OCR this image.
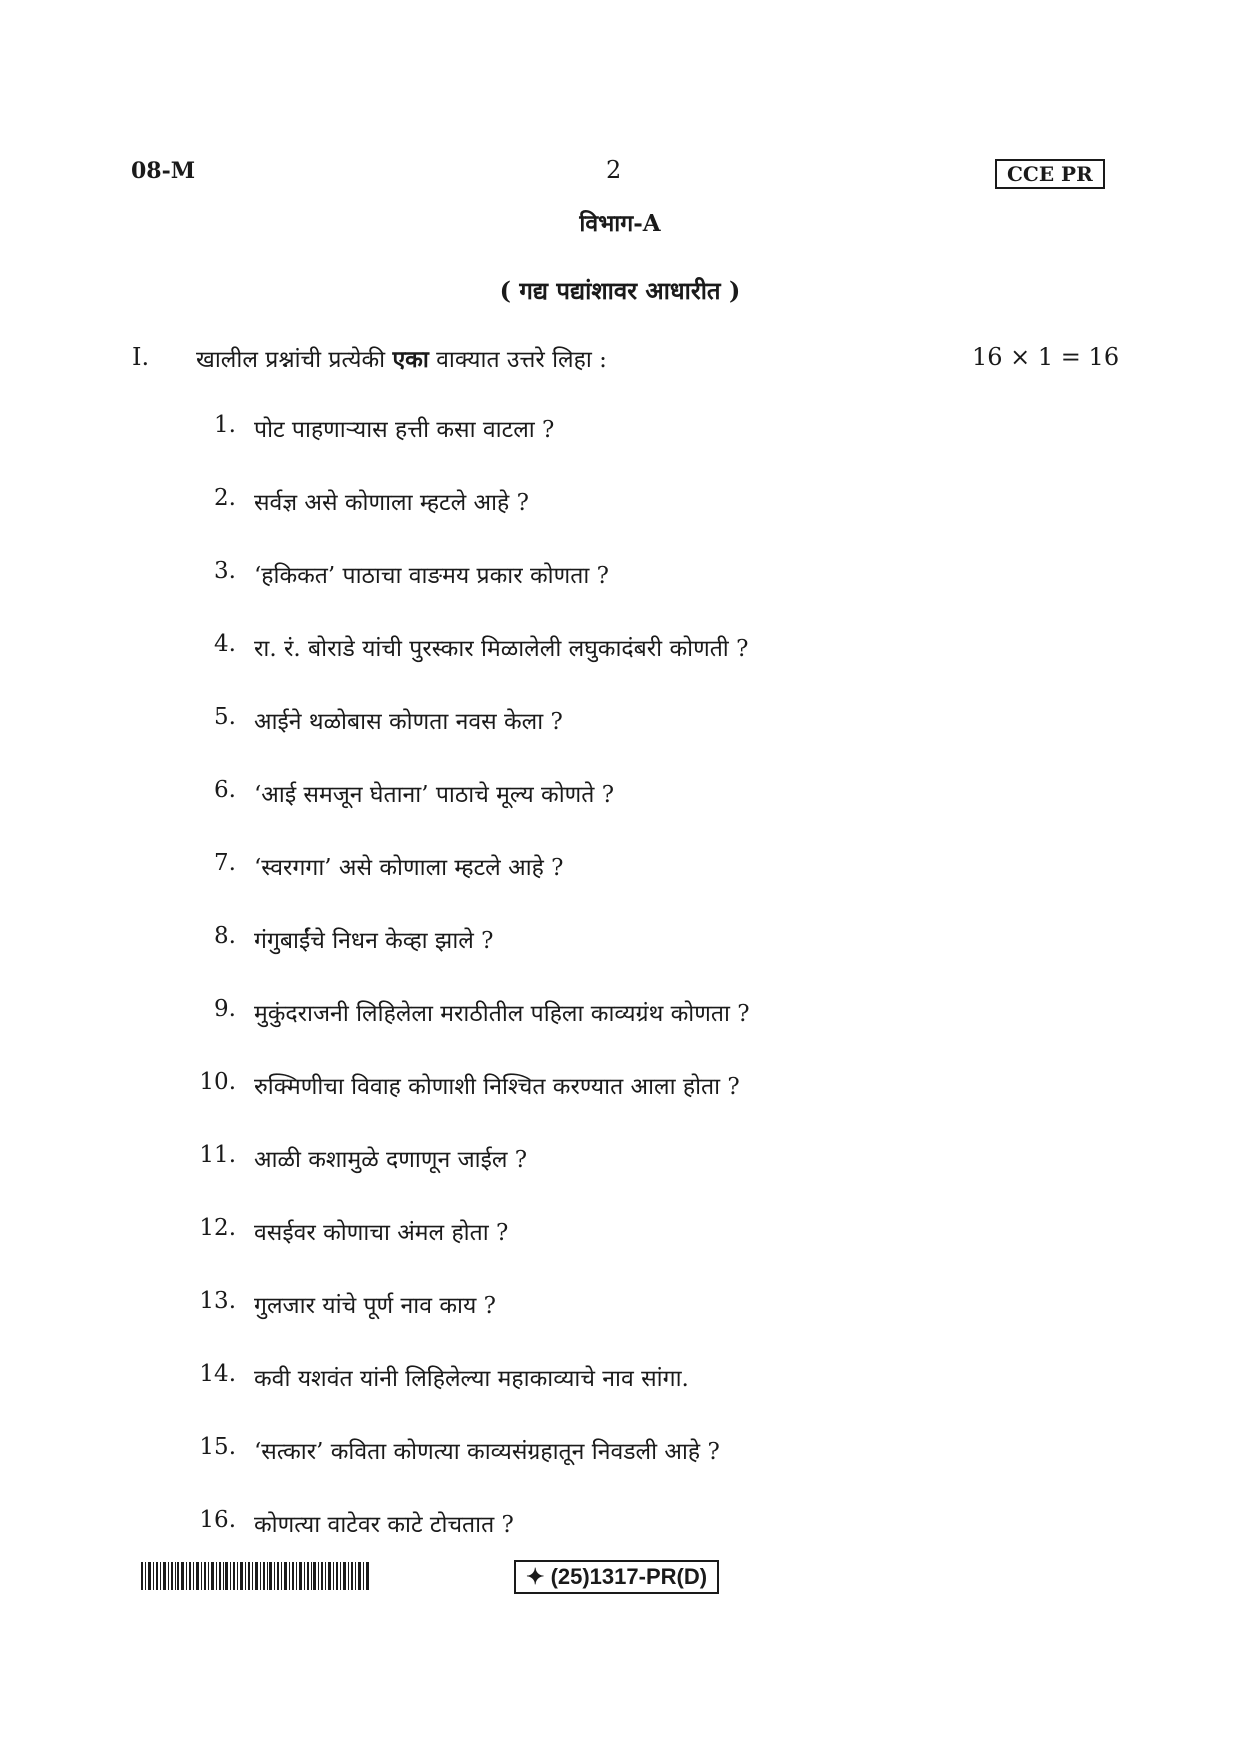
08-M	2	CCE PR
विभाग-A
( गद्य पद्यांशावर आधारीत )
I. खालील प्रश्नांची प्रत्येकी एका वाक्यात उत्तरे लिहा :	16 × 1 = 16
1. पोट पाहणाऱ्यास हत्ती कसा वाटला ?
2. सर्वज्ञ असे कोणाला म्हटले आहे ?
3. ‘हकिकत’ पाठाचा वाङमय प्रकार कोणता ?
4. रा. रं. बोराडे यांची पुरस्कार मिळालेली लघुकादंबरी कोणती ?
5. आईने थळोबास कोणता नवस केला ?
6. ‘आई समजून घेताना’ पाठाचे मूल्य कोणते ?
7. ‘स्वरगगा’ असे कोणाला म्हटले आहे ?
8. गंगुबाईंचे निधन केव्हा झाले ?
9. मुकुंदराजनी लिहिलेला मराठीतील पहिला काव्यग्रंथ कोणता ?
10. रुक्मिणीचा विवाह कोणाशी निश्चित करण्यात आला होता ?
11. आळी कशामुळे दणाणून जाईल ?
12. वसईवर कोणाचा अंमल होता ?
13. गुलजार यांचे पूर्ण नाव काय ?
14. कवी यशवंत यांनी लिहिलेल्या महाकाव्याचे नाव सांगा.
15. ‘सत्कार’ कविता कोणत्या काव्यसंग्रहातून निवडली आहे ?
16. कोणत्या वाटेवर काटे टोचतात ?
✦ (25)1317-PR(D)
